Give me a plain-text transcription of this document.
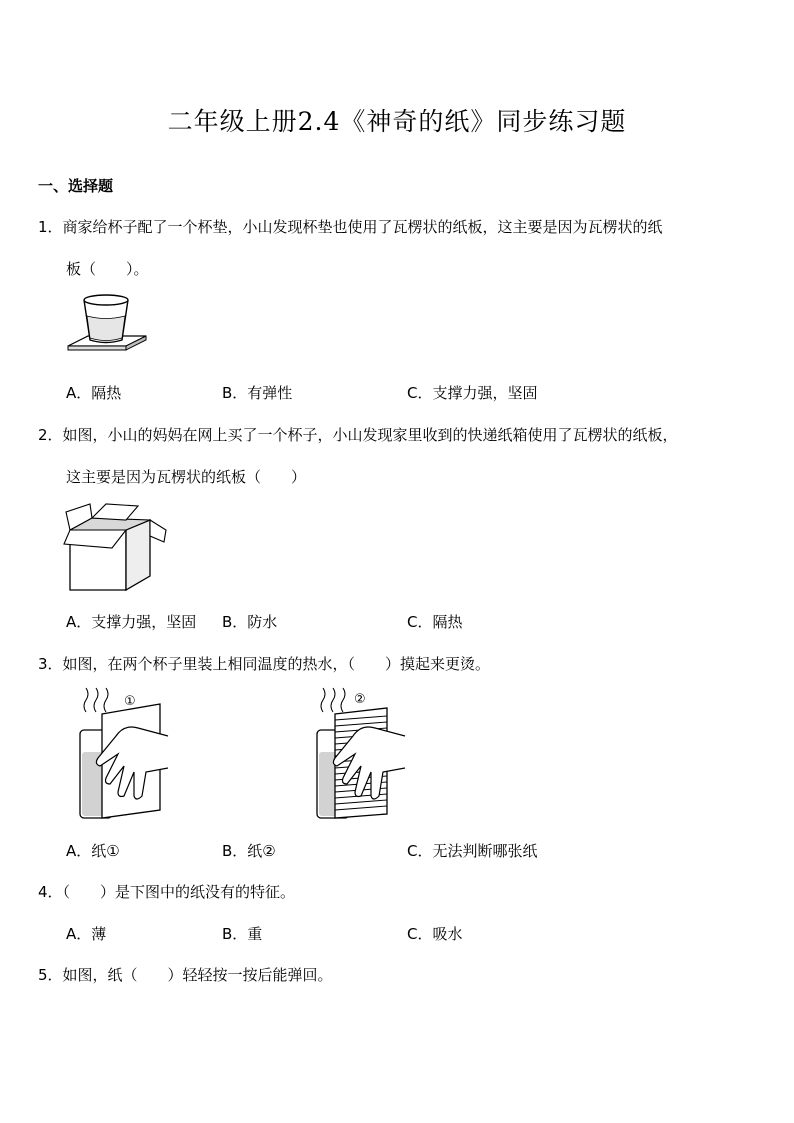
二年级上册2.4《神奇的纸》同步练习题
一、选择题
1．商家给杯子配了一个杯垫，小山发现杯垫也使用了瓦楞状的纸板，这主要是因为瓦楞状的纸
板（　　）。
A．隔热	B．有弹性	C．支撑力强，坚固
2．如图，小山的妈妈在网上买了一个杯子，小山发现家里收到的快递纸箱使用了瓦楞状的纸板，
这主要是因为瓦楞状的纸板（　　）
A．支撑力强，坚固 B．防水	C．隔热
3．如图，在两个杯子里装上相同温度的热水，（　　）摸起来更烫。
①	②
A．纸①	B．纸②	C．无法判断哪张纸
4．（　　）是下图中的纸没有的特征。
A．薄	B．重	C．吸水
5．如图，纸（　　）轻轻按一按后能弹回。
